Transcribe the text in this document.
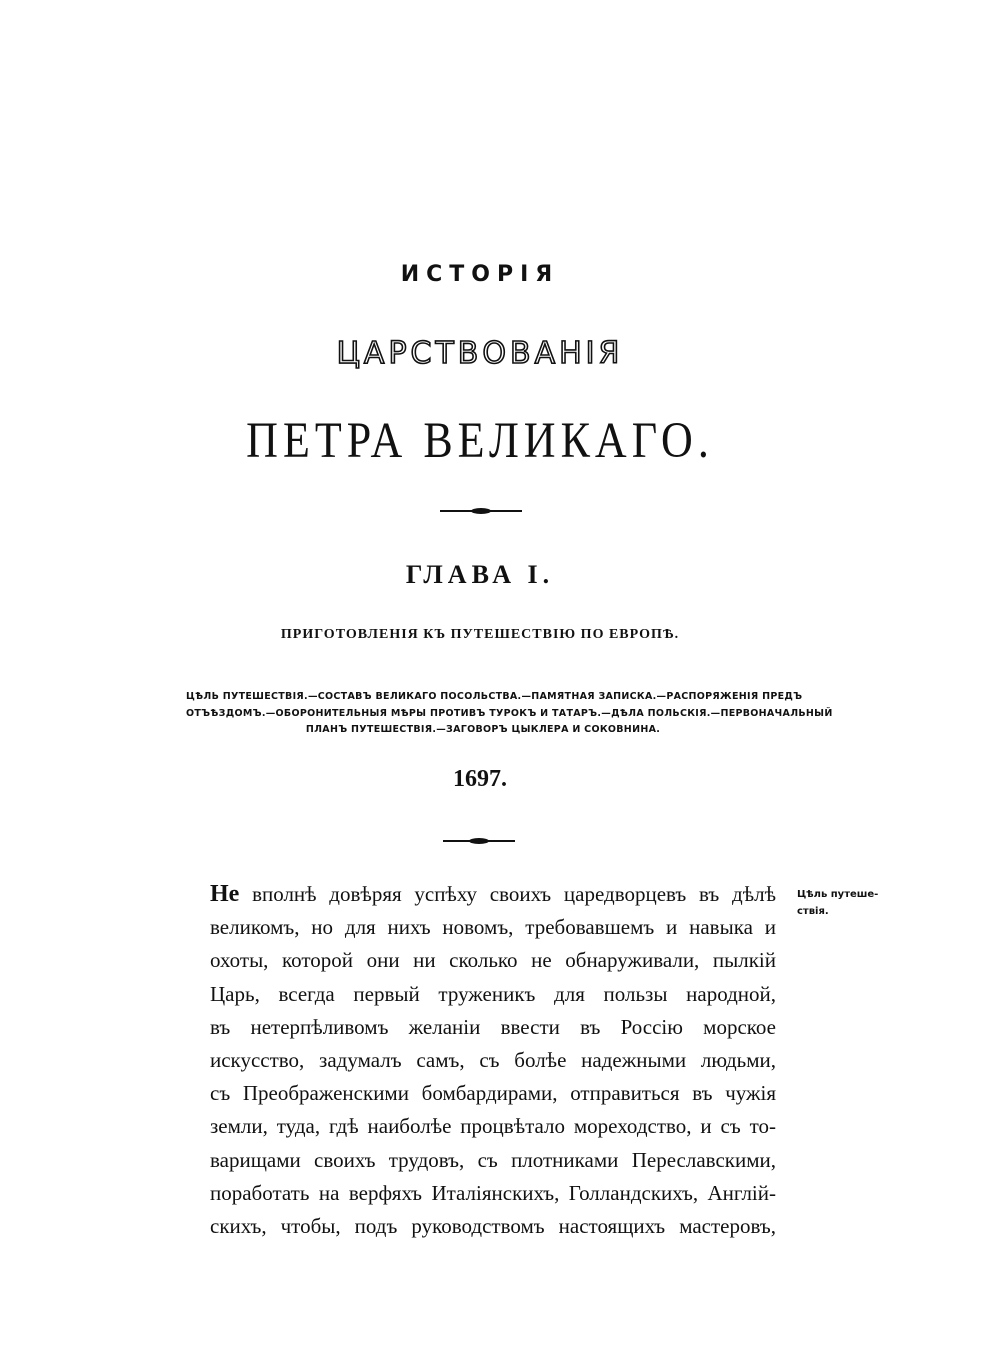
ИСТОРІЯ
ЦАРСТВОВАНІЯ
ПЕТРА ВЕЛИКАГО.
ГЛАВА I.
ПРИГОТОВЛЕНІЯ КЪ ПУТЕШЕСТВІЮ ПО ЕВРОПѢ.
ЦѢЛЬ ПУТЕШЕСТВІЯ.—СОСТАВЪ ВЕЛИКАГО ПОСОЛЬСТВА.—ПАМЯТНАЯ ЗАПИСКА.—РАСПОРЯЖЕНІЯ ПРЕДЪ
ОТЪѢЗДОМЪ.—ОБОРОНИТЕЛЬНЫЯ МѢРЫ ПРОТИВЪ ТУРОКЪ И ТАТАРЪ.—ДѢЛА ПОЛЬСКІЯ.—ПЕРВОНАЧАЛЬНЫЙ
ПЛАНЪ ПУТЕШЕСТВІЯ.—ЗАГОВОРЪ ЦЫКЛЕРА И СОКОВНИНА.
1697.
Не вполнѣ довѣряя успѣху своихъ царедворцевъ въ дѣлѣ
великомъ, но для нихъ новомъ, требовавшемъ и навыка и
охоты, которой они ни сколько не обнаруживали, пылкій
Царь, всегда первый труженикъ для пользы народной,
въ нетерпѣливомъ желаніи ввести въ Россію морское
искусство, задумалъ самъ, съ болѣе надежными людьми,
съ Преображенскими бомбардирами, отправиться въ чужія
земли, туда, гдѣ наиболѣе процвѣтало мореходство, и съ то-
варищами своихъ трудовъ, съ плотниками Переславскими,
поработать на верфяхъ Италіянскихъ, Голландскихъ, Англій-
скихъ, чтобы, подъ руководствомъ настоящихъ мастеровъ,
Цѣль путеше-
ствія.
